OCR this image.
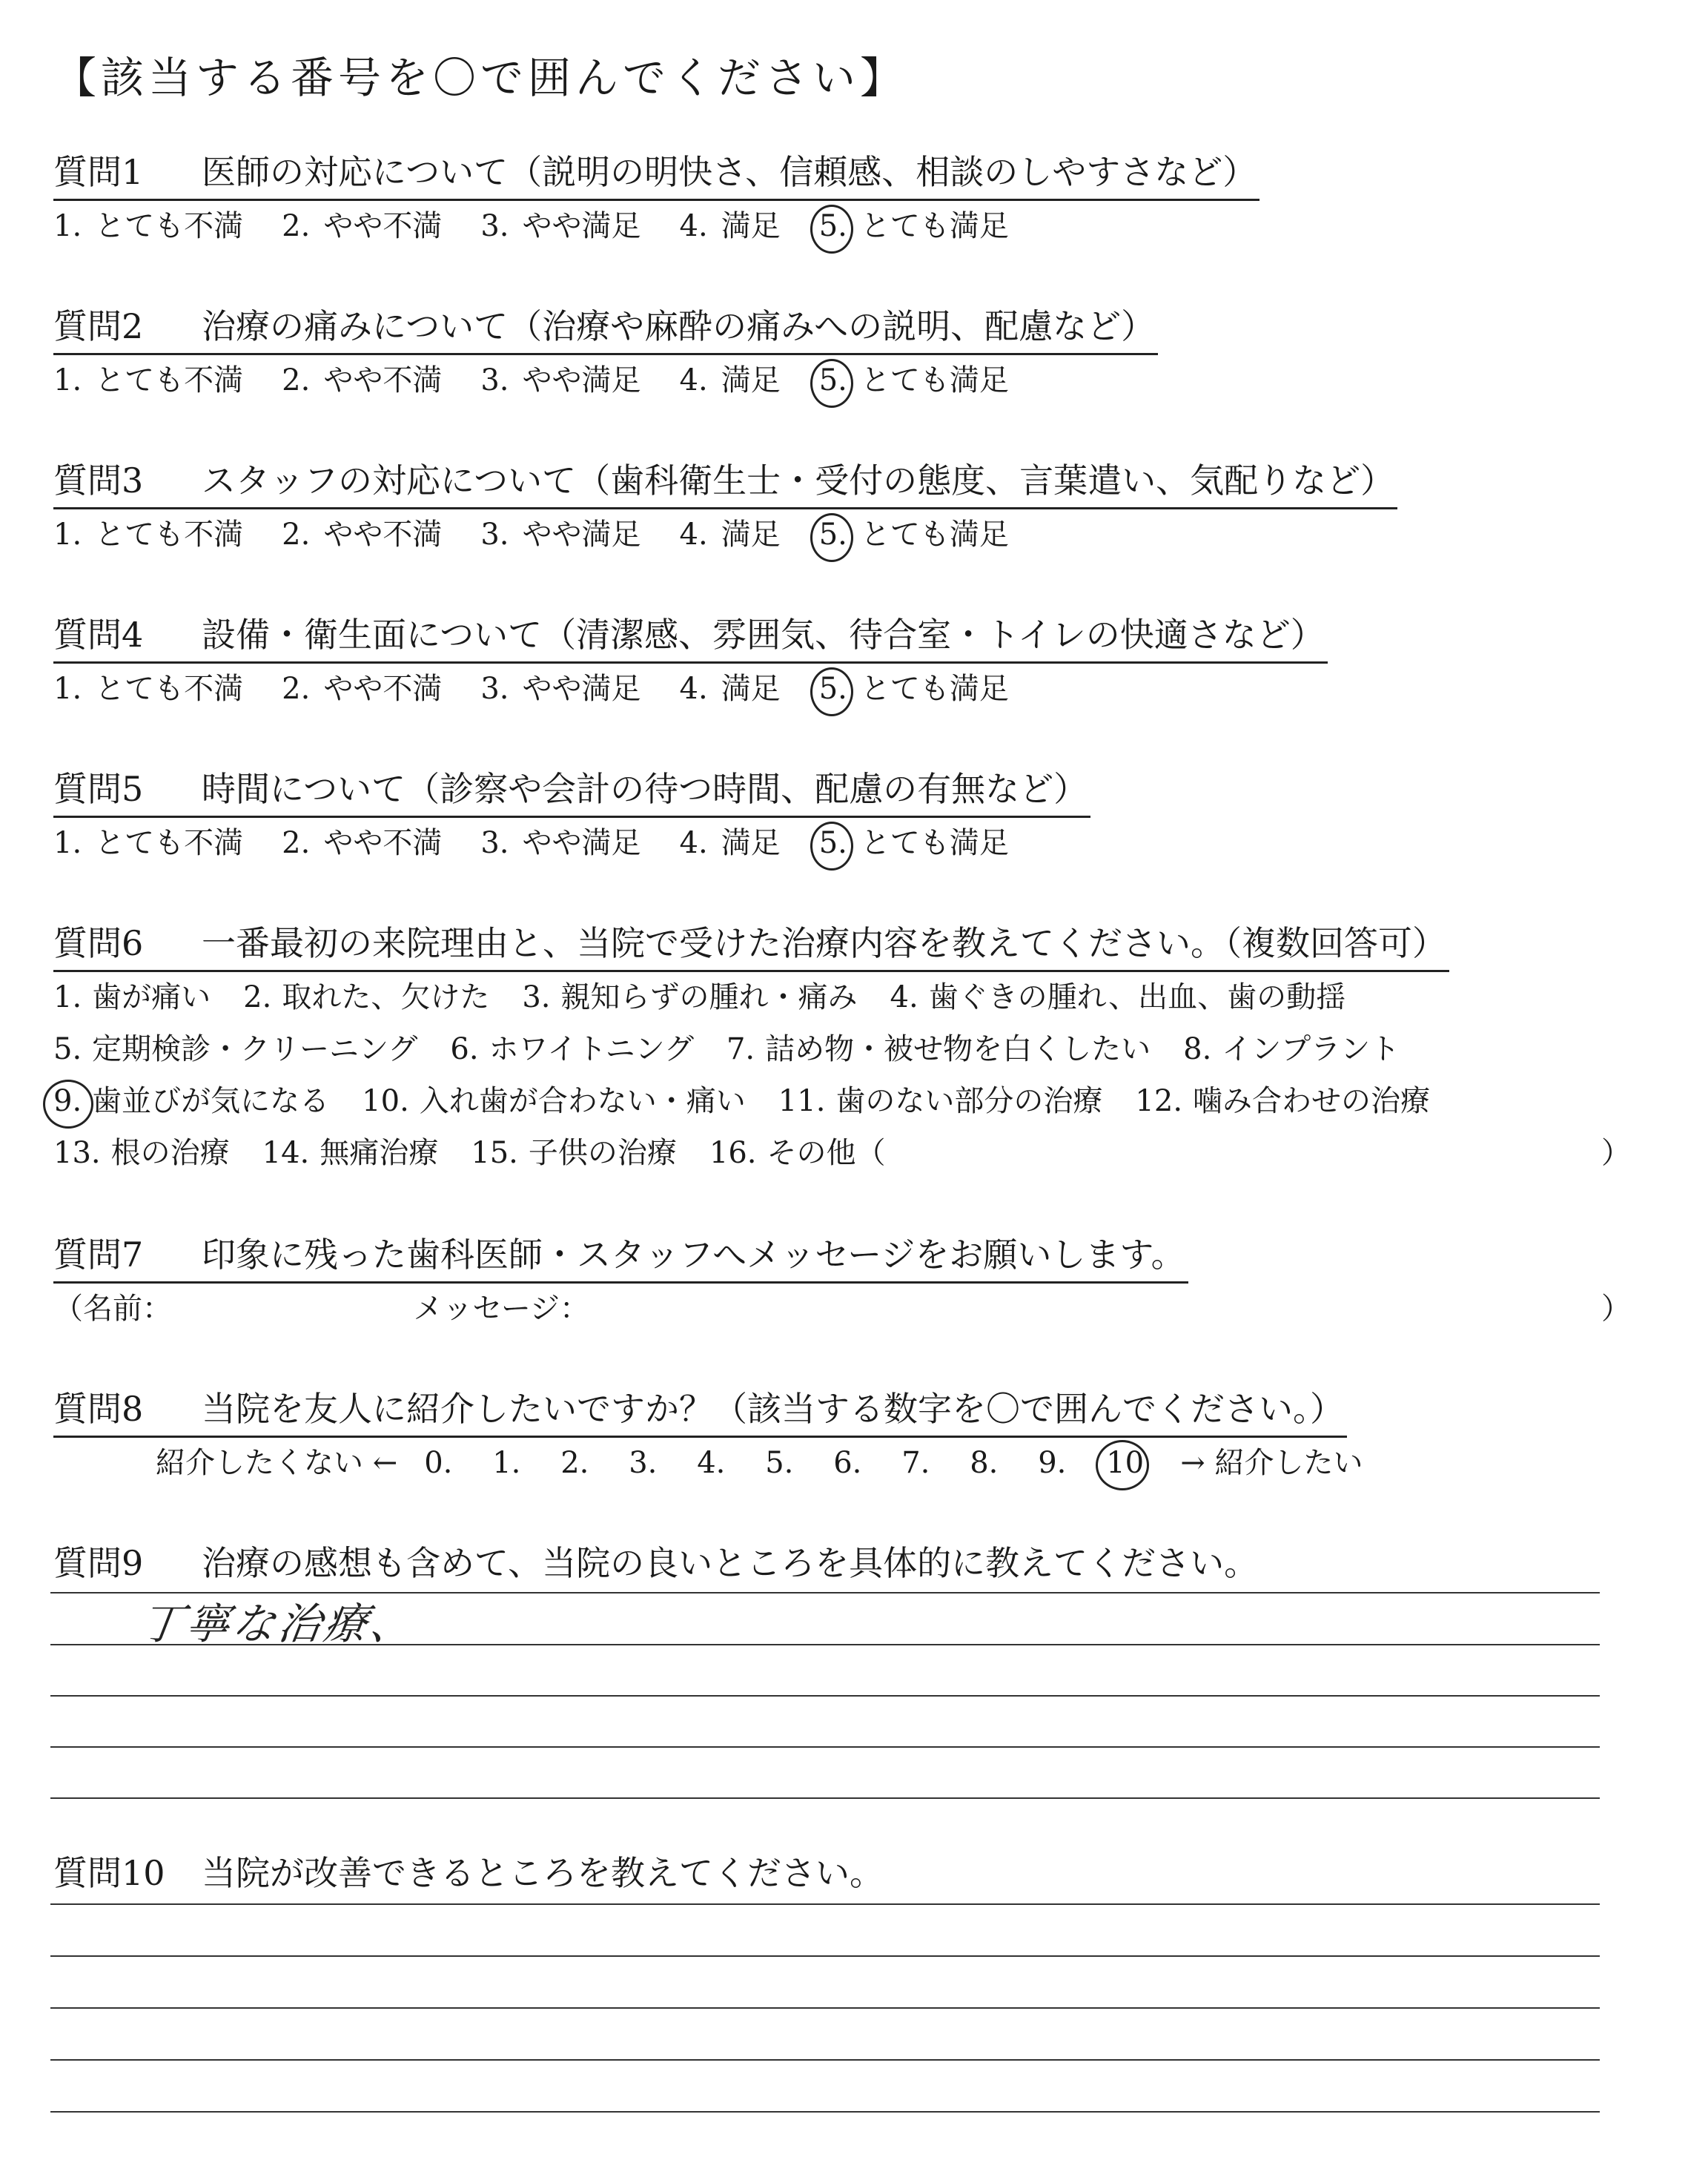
【該当する番号を〇で囲んでください】
質問1 医師の対応について（説明の明快さ、信頼感、相談のしやすさなど）
1. とても不満 2. やや不満 3. やや満足 4. 満足 5. とても満足
質問2 治療の痛みについて（治療や麻酔の痛みへの説明、配慮など）
1. とても不満 2. やや不満 3. やや満足 4. 満足 5. とても満足
質問3 スタッフの対応について（歯科衛生士・受付の態度、言葉遣い、気配りなど）
1. とても不満 2. やや不満 3. やや満足 4. 満足 5. とても満足
質問4 設備・衛生面について（清潔感、雰囲気、待合室・トイレの快適さなど）
1. とても不満 2. やや不満 3. やや満足 4. 満足 5. とても満足
質問5 時間について（診察や会計の待つ時間、配慮の有無など）
1. とても不満 2. やや不満 3. やや満足 4. 満足 5. とても満足
質問6 一番最初の来院理由と、当院で受けた治療内容を教えてください。（複数回答可）
1. 歯が痛い 2. 取れた、欠けた 3. 親知らずの腫れ・痛み 4. 歯ぐきの腫れ、出血、歯の動揺
5. 定期検診・クリーニング 6. ホワイトニング 7. 詰め物・被せ物を白くしたい 8. インプラント
9. 歯並びが気になる 10. 入れ歯が合わない・痛い 11. 歯のない部分の治療 12. 噛み合わせの治療
13. 根の治療 14. 無痛治療 15. 子供の治療 16. その他（	）
質問7 印象に残った歯科医師・スタッフへメッセージをお願いします。
（名前：	メッセージ：	）
質問8 当院を友人に紹介したいですか？（該当する数字を〇で囲んでください。）
紹介したくない ← 0. 1. 2. 3. 4. 5. 6. 7. 8. 9. 10 → 紹介したい
質問9 治療の感想も含めて、当院の良いところを具体的に教えてください。
丁寧な治療、
質問10 当院が改善できるところを教えてください。
